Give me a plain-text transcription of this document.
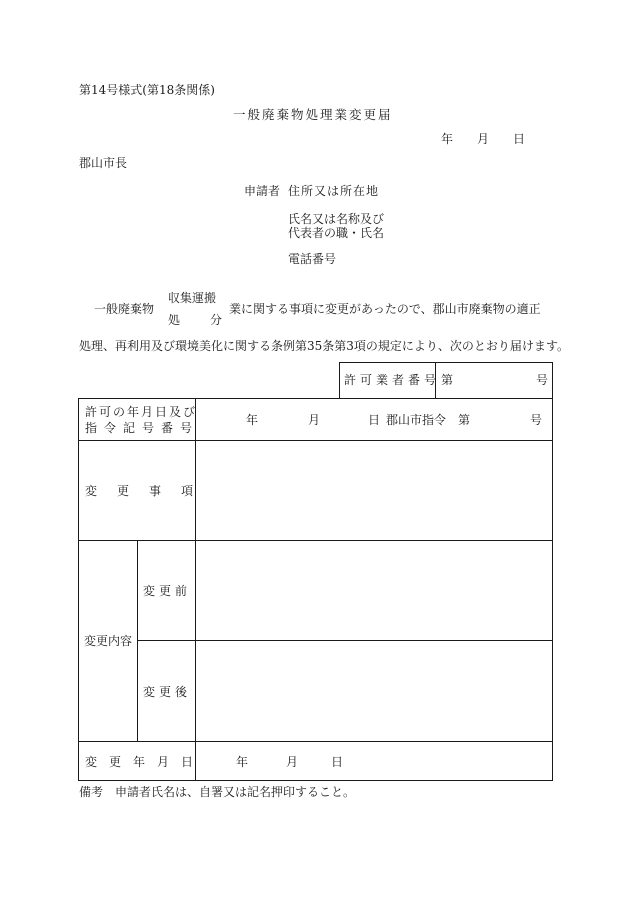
第14号様式(第18条関係)
一般廃棄物処理業変更届
年 月 日
郡山市長
申請者 住所又は所在地
氏名又は名称及び
代表者の職・氏名
電話番号
一般廃棄物
収集運搬
処 分
業に関する事項に変更があったので、郡山市廃棄物の適正
処理、再利用及び環境美化に関する条例第35条第3項の規定により、次のとおり届けます。
許可業者番号 第	号
許可の年月日及び
指令記号番号
年	月	日 郡山市指令 第	号
変更事項
変更内容
変更前
変更後
変更年月日	年	月	日
備考　申請者氏名は、自署又は記名押印すること。
